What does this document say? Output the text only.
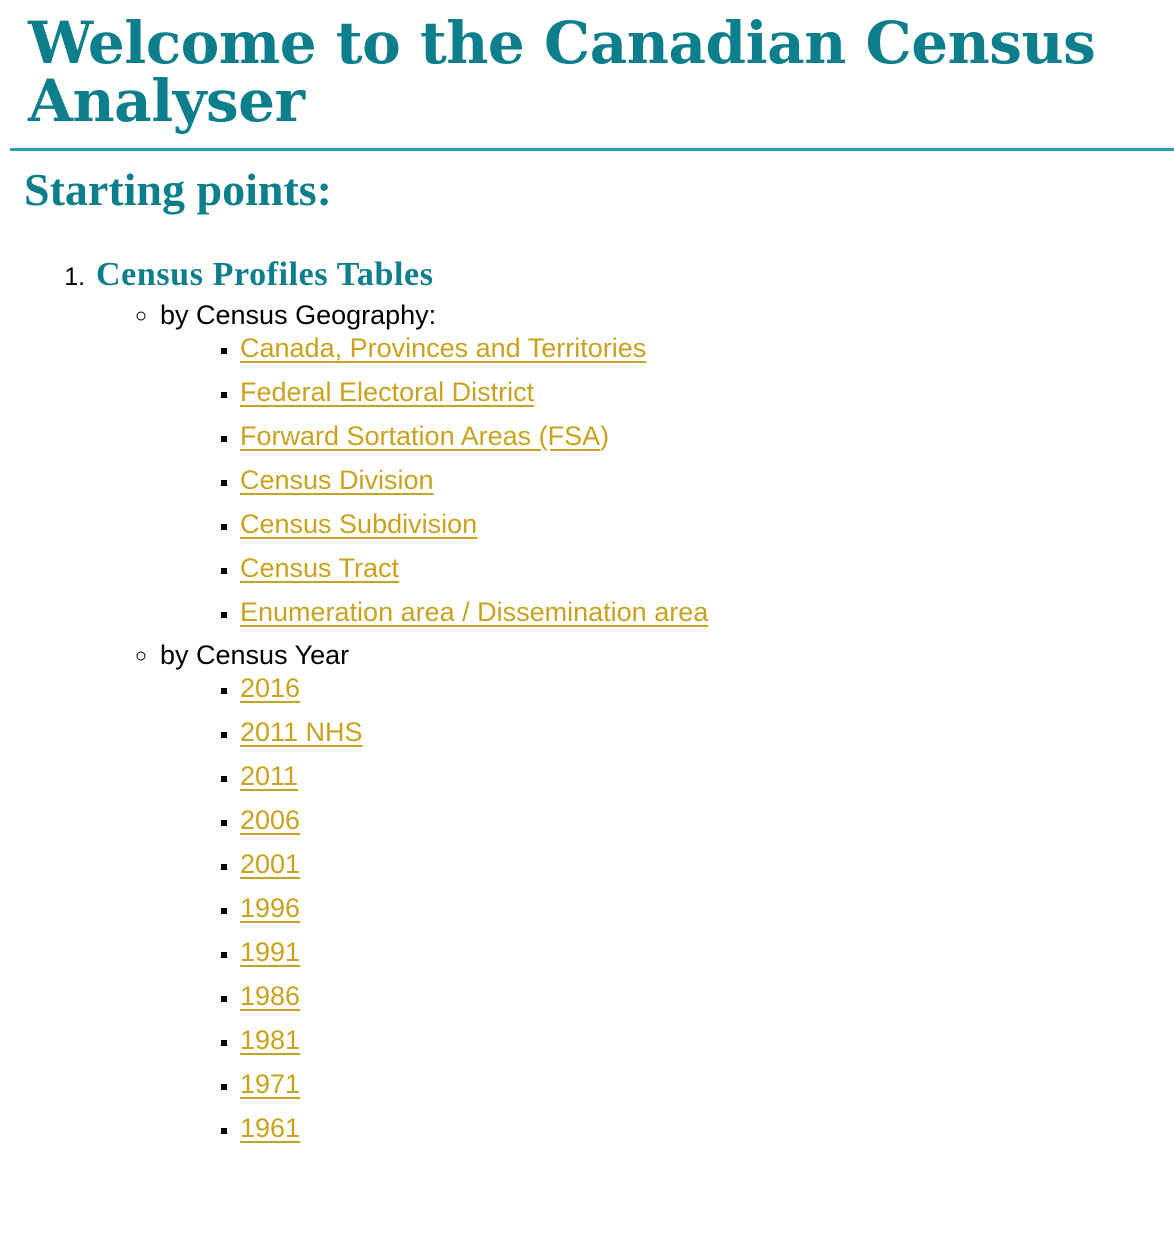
Welcome to the Canadian Census Analyser
Starting points:
1. Census Profiles Tables
◦ by Census Geography:
▪ Canada, Provinces and Territories
▪ Federal Electoral District
▪ Forward Sortation Areas (FSA)
▪ Census Division
▪ Census Subdivision
▪ Census Tract
▪ Enumeration area / Dissemination area
◦ by Census Year
▪ 2016
▪ 2011 NHS
▪ 2011
▪ 2006
▪ 2001
▪ 1996
▪ 1991
▪ 1986
▪ 1981
▪ 1971
▪ 1961
